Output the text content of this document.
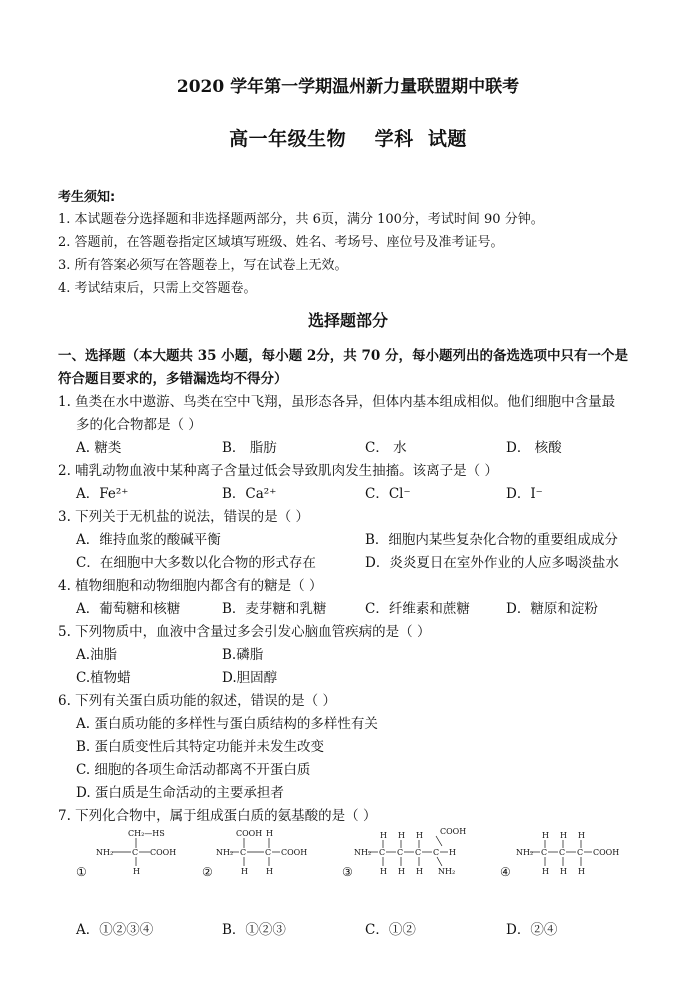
2020 学年第一学期温州新力量联盟期中联考
高一年级生物    学科  试题
考生须知:
1. 本试题卷分选择题和非选择题两部分，共 6页，满分 100分，考试时间 90 分钟。
2. 答题前，在答题卷指定区域填写班级、姓名、考场号、座位号及准考证号。
3. 所有答案必须写在答题卷上，写在试卷上无效。
4. 考试结束后，只需上交答题卷。
选择题部分
一、选择题（本大题共 35 小题，每小题 2分，共 70 分，每小题列出的备选选项中只有一个是
符合题目要求的，多错漏选均不得分）
1. 鱼类在水中遨游、鸟类在空中飞翔，虽形态各异，但体内基本组成相似。他们细胞中含量最
多的化合物都是（ ）
A. 糖类	B． 脂肪	C． 水	D． 核酸
2. 哺乳动物血液中某种离子含量过低会导致肌肉发生抽搐。该离子是（ ）
A．Fe²⁺	B．Ca²⁺	C．Cl⁻	D．I⁻
3. 下列关于无机盐的说法，错误的是（ ）
A．维持血浆的酸碱平衡	B．细胞内某些复杂化合物的重要组成成分
C．在细胞中大多数以化合物的形式存在	D．炎炎夏日在室外作业的人应多喝淡盐水
4. 植物细胞和动物细胞内都含有的糖是（ ）
A．葡萄糖和核糖	B．麦芽糖和乳糖	C．纤维素和蔗糖	D．糖原和淀粉
5. 下列物质中，血液中含量过多会引发心脑血管疾病的是（ ）
A.油脂	B.磷脂
C.植物蜡	D.胆固醇
6. 下列有关蛋白质功能的叙述，错误的是（ ）
A. 蛋白质功能的多样性与蛋白质结构的多样性有关
B. 蛋白质变性后其特定功能并未发生改变
C. 细胞的各项生命活动都离不开蛋白质
D. 蛋白质是生命活动的主要承担者
7. 下列化合物中，属于组成蛋白质的氨基酸的是（ ）
CH₂—HS
NH₂ C COOH
H
①
COOH H
NH₂ C C COOH
H H
②
COOH
H H H
NH₂ C C C C H
H H H NH₂
③
H H H
NH₂ C C C COOH
H H H
④
A．①②③④	B．①②③	C．①②	D．②④
